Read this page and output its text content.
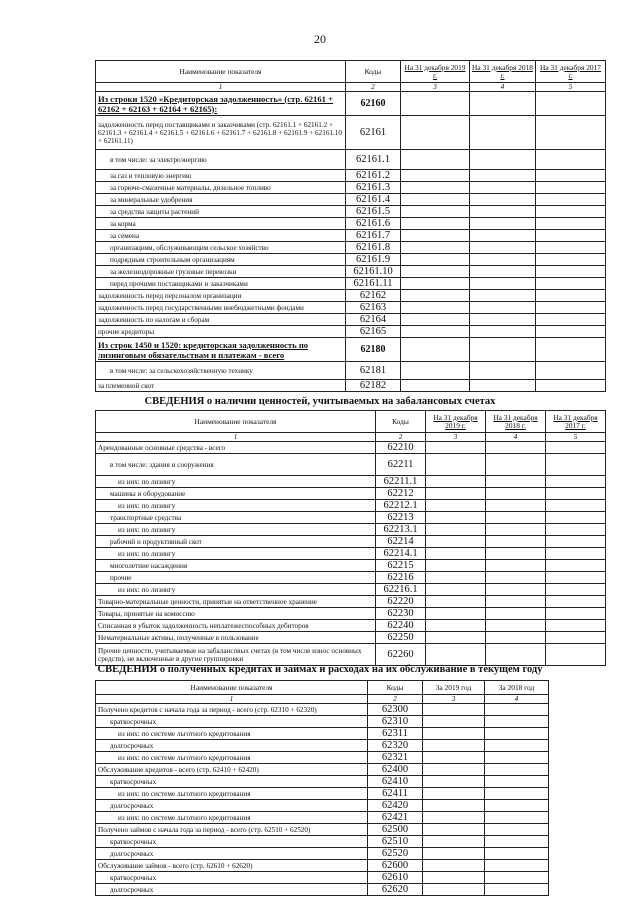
20
Наименование показателя	Коды	На 31 декабря 2019 г.	На 31 декабря 2018 г.	На 31 декабря 2017 г.
1	2	3	4	5
Из строки 1520 «Кредиторская задолженность» (стр. 62161 + 62162 + 62163 + 62164 + 62165):	62160			
задолженность перед поставщиками и заказчиками (стр. 62161.1 + 62161.2 + 62161.3 + 62161.4 + 62161.5 + 62161.6 + 62161.7 + 62161.8 + 62161.9 + 62161.10 + 62161.11)	62161			
в том числе: за электроэнергию	62161.1			
за газ и тепловую энергию	62161.2			
за горюче-смазочные материалы, дизельное топливо	62161.3			
за минеральные удобрения	62161.4			
за средства защиты растений	62161.5			
за корма	62161.6			
за семена	62161.7			
организациям, обслуживающим сельское хозяйство	62161.8			
подрядным строительным организациям	62161.9			
за железнодорожные грузовые перевозки	62161.10			
перед прочими поставщиками и заказчиками	62161.11			
задолженность перед персоналом организации	62162			
задолженность перед государственными внебюджетными фондами	62163			
задолженность по налогам и сборам	62164			
прочие кредиторы	62165			
Из строк 1450 и 1520: кредиторская задолженность по лизинговым обязательствам и платежам - всего	62180			
в том числе: за сельскохозяйственную технику	62181			
за племенной скот	62182			
СВЕДЕНИЯ о наличии ценностей, учитываемых на забалансовых счетах
Наименование показателя	Коды	На 31 декабря 2019 г.	На 31 декабря 2018 г.	На 31 декабря 2017 г.
1	2	3	4	5
Арендованные основные средства - всего	62210			
в том числе: здания и сооружения	62211			
из них: по лизингу	62211.1			
машины и оборудование	62212			
из них: по лизингу	62212.1			
транспортные средства	62213			
из них: по лизингу	62213.1			
рабочий и продуктивный скот	62214			
из них: по лизингу	62214.1			
многолетние насаждения	62215			
прочие	62216			
из них: по лизингу	62216.1			
Товарно-материальные ценности, принятые на ответственное хранение	62220			
Товары, принятые на комиссию	62230			
Списанная в убыток задолженность неплатежеспособных дебиторов	62240			
Нематериальные активы, полученные в пользование	62250			
Прочие ценности, учитываемые на забалансовых счетах (в том числе износ основных средств), не включенные в другие группировки	62260			
СВЕДЕНИЯ о полученных кредитах и займах и расходах на их обслуживание в текущем году
Наименование показателя	Коды	За 2019 год	За 2018 год
1	2	3	4
Получено кредитов с начала года за период - всего (стр. 62310 + 62320)	62300		
краткосрочных	62310		
из них: по системе льготного кредитования	62311		
долгосрочных	62320		
из них: по системе льготного кредитования	62321		
Обслуживание кредитов - всего (стр. 62410 + 62420)	62400		
краткосрочных	62410		
из них: по системе льготного кредитования	62411		
долгосрочных	62420		
из них: по системе льготного кредитования	62421		
Получено займов с начала года за период - всего (стр. 62510 + 62520)	62500		
краткосрочных	62510		
долгосрочных	62520		
Обслуживание займов - всего (стр. 62610 + 62620)	62600		
краткосрочных	62610		
долгосрочных	62620		
